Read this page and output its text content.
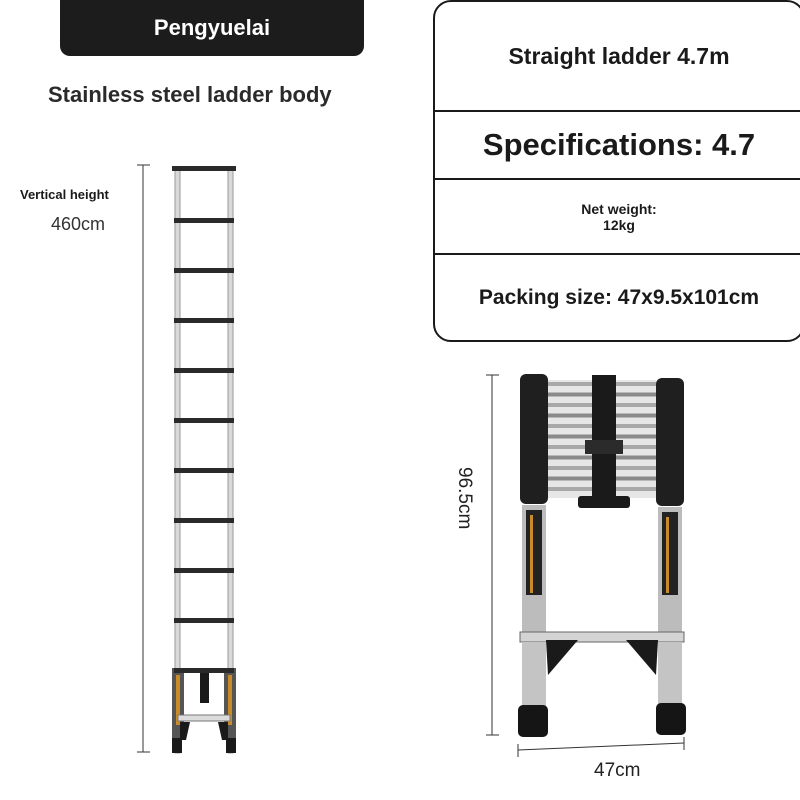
Pengyuelai
Stainless steel ladder body
Straight ladder 4.7m
Specifications: 4.7
Net weight:
12kg
Packing size: 47x9.5x101cm
Vertical height
460cm
96.5cm
47cm
